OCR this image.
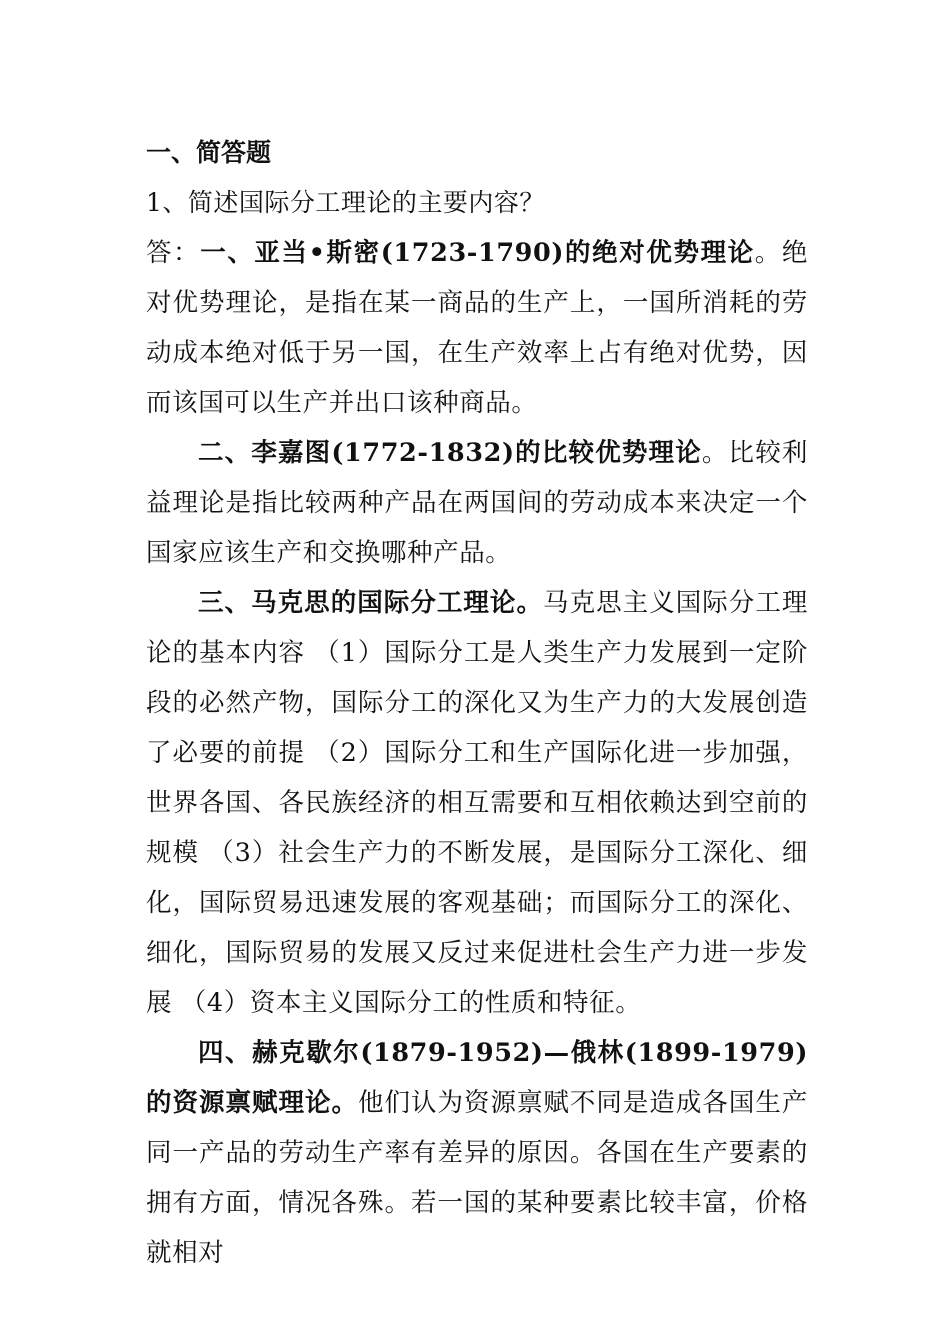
一、简答题

1、简述国际分工理论的主要内容？

答：一、亚当•斯密(1723-1790)的绝对优势理论。绝对优势理论，是指在某一商品的生产上，一国所消耗的劳动成本绝对低于另一国，在生产效率上占有绝对优势，因而该国可以生产并出口该种商品。

二、李嘉图(1772-1832)的比较优势理论。比较利益理论是指比较两种产品在两国间的劳动成本来决定一个国家应该生产和交换哪种产品。

三、马克思的国际分工理论。马克思主义国际分工理论的基本内容 （1）国际分工是人类生产力发展到一定阶段的必然产物，国际分工的深化又为生产力的大发展创造了必要的前提 （2）国际分工和生产国际化进一步加强，世界各国、各民族经济的相互需要和互相依赖达到空前的规模 （3）社会生产力的不断发展，是国际分工深化、细化，国际贸易迅速发展的客观基础；而国际分工的深化、细化，国际贸易的发展又反过来促进杜会生产力进一步发展 （4）资本主义国际分工的性质和特征。

四、赫克歇尔(1879-1952)—俄林(1899-1979)的资源禀赋理论。他们认为资源禀赋不同是造成各国生产同一产品的劳动生产率有差异的原因。各国在生产要素的拥有方面，情况各殊。若一国的某种要素比较丰富，价格就相对
